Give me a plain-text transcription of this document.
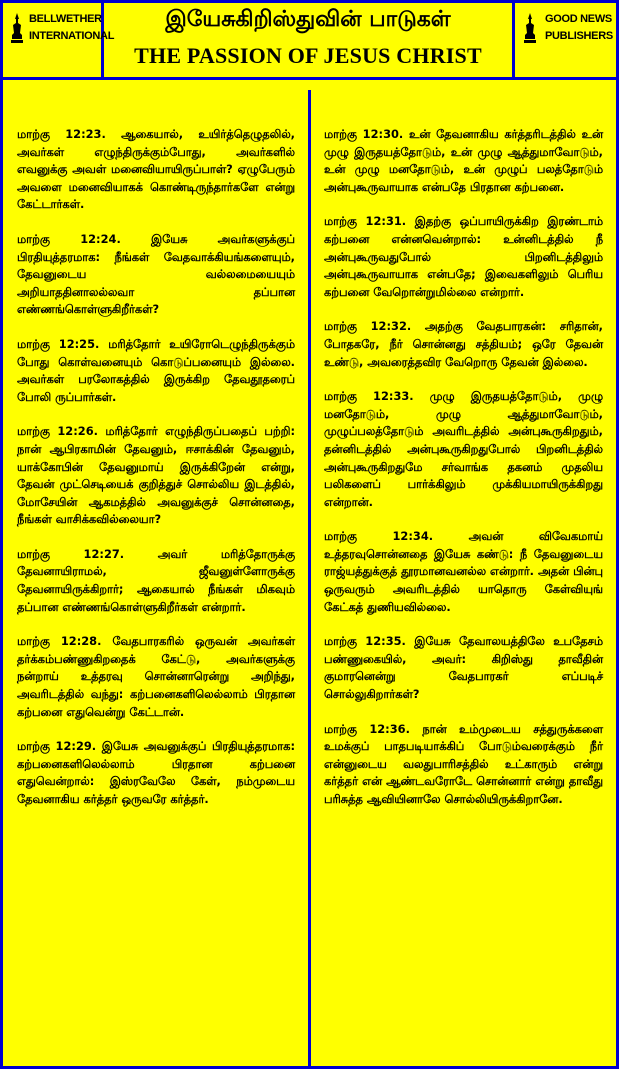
BELLWETHER
INTERNATIONAL
இயேசுகிறிஸ்துவின் பாடுகள்
THE PASSION OF JESUS CHRIST
GOOD NEWS
PUBLISHERS

மாற்கு 12:23. ஆகையால், உயிர்த்தெழுதலில், அவர்கள் எழுந்திருக்கும்போது, அவர்களில் எவனுக்கு அவள் மனைவியாயிருப்பாள்? ஏழுபேரும் அவளை மனைவியாகக் கொண்டிருந்தார்களே என்று கேட்டார்கள்.

மாற்கு 12:24. இயேசு அவர்களுக்குப் பிரதியுத்தரமாக: நீங்கள் வேதவாக்கியங்களையும், தேவனுடைய வல்லமையையும் அறியாததினாலல்லவா தப்பான எண்ணங்கொள்ளுகிறீர்கள்?

மாற்கு 12:25. மரித்தோர் உயிரோடெழுந்திருக்கும் போது கொள்வனையும் கொடுப்பனையும் இல்லை. அவர்கள் பரலோகத்தில் இருக்கிற தேவதூதரைப் போலி ருப்பார்கள்.

மாற்கு 12:26. மரித்தோர் எழுந்திருப்பதைப் பற்றி: நான் ஆபிரகாமின் தேவனும், ஈசாக்கின் தேவனும், யாக்கோபின் தேவனுமாய் இருக்கிறேன் என்று, தேவன் முட்செடியைக் குறித்துச் சொல்லிய இடத்தில், மோசேயின் ஆகமத்தில் அவனுக்குச் சொன்னதை, நீங்கள் வாசிக்கவில்லையா?

மாற்கு 12:27. அவர் மரித்தோருக்கு தேவனாயிராமல், ஜீவனுள்ளோருக்கு தேவனாயிருக்கிறார்; ஆகையால் நீங்கள் மிகவும் தப்பான எண்ணங்கொள்ளுகிறீர்கள் என்றார்.

மாற்கு 12:28. வேதபாரகரில் ஒருவன் அவர்கள் தர்க்கம்பண்ணுகிறதைக் கேட்டு, அவர்களுக்கு நன்றாய் உத்தரவு சொன்னாரென்று அறிந்து, அவரிடத்தில் வந்து: கற்பனைகளிலெல்லாம் பிரதான கற்பனை எதுவென்று கேட்டான்.

மாற்கு 12:29. இயேசு அவனுக்குப் பிரதியுத்தரமாக: கற்பனைகளிலெல்லாம் பிரதான கற்பனை எதுவென்றால்: இஸ்ரவேலே கேள், நம்முடைய தேவனாகிய கர்த்தர் ஒருவரே கர்த்தர்.

மாற்கு 12:30. உன் தேவனாகிய கர்த்தரிடத்தில் உன் முழு இருதயத்தோடும், உன் முழு ஆத்துமாவோடும், உன் முழு மனதோடும், உன் முழுப் பலத்தோடும் அன்புகூருவாயாக என்பதே பிரதான கற்பனை.

மாற்கு 12:31. இதற்கு ஒப்பாயிருக்கிற இரண்டாம் கற்பனை என்னவென்றால்: உன்னிடத்தில் நீ அன்புகூருவதுபோல் பிறனிடத்திலும் அன்புகூருவாயாக என்பதே; இவைகளிலும் பெரிய கற்பனை வேறொன்றுமில்லை என்றார்.

மாற்கு 12:32. அதற்கு வேதபாரகன்: சரிதான், போதகரே, நீர் சொன்னது சத்தியம்; ஒரே தேவன் உண்டு, அவரைத்தவிர வேறொரு தேவன் இல்லை.

மாற்கு 12:33. முழு இருதயத்தோடும், முழு மனதோடும், முழு ஆத்துமாவோடும், முழுப்பலத்தோடும் அவரிடத்தில் அன்புகூருகிறதும், தன்னிடத்தில் அன்புகூருகிறதுபோல் பிறனிடத்தில் அன்புகூருகிறதுமே சர்வாங்க தகனம் முதலிய பலிகளைப் பார்க்கிலும் முக்கியமாயிருக்கிறது என்றான்.

மாற்கு 12:34. அவன் விவேகமாய் உத்தரவுசொன்னதை இயேசு கண்டு: நீ தேவனுடைய ராஜ்யத்துக்குத் தூரமானவனல்ல என்றார். அதன் பின்பு ஒருவரும் அவரிடத்தில் யாதொரு கேள்வியுங் கேட்கத் துணியவில்லை.

மாற்கு 12:35. இயேசு தேவாலயத்திலே உபதேசம் பண்ணுகையில், அவர்: கிறிஸ்து தாவீதின் குமாரனென்று வேதபாரகர் எப்படிச் சொல்லுகிறார்கள்?

மாற்கு 12:36. நான் உம்முடைய சத்துருக்களை உமக்குப் பாதபடியாக்கிப் போடும்வரைக்கும் நீர் என்னுடைய வலதுபாரிசத்தில் உட்காரும் என்று கர்த்தர் என் ஆண்டவரோடே சொன்னார் என்று தாவீது பரிசுத்த ஆவியினாலே சொல்லியிருக்கிறானே.
